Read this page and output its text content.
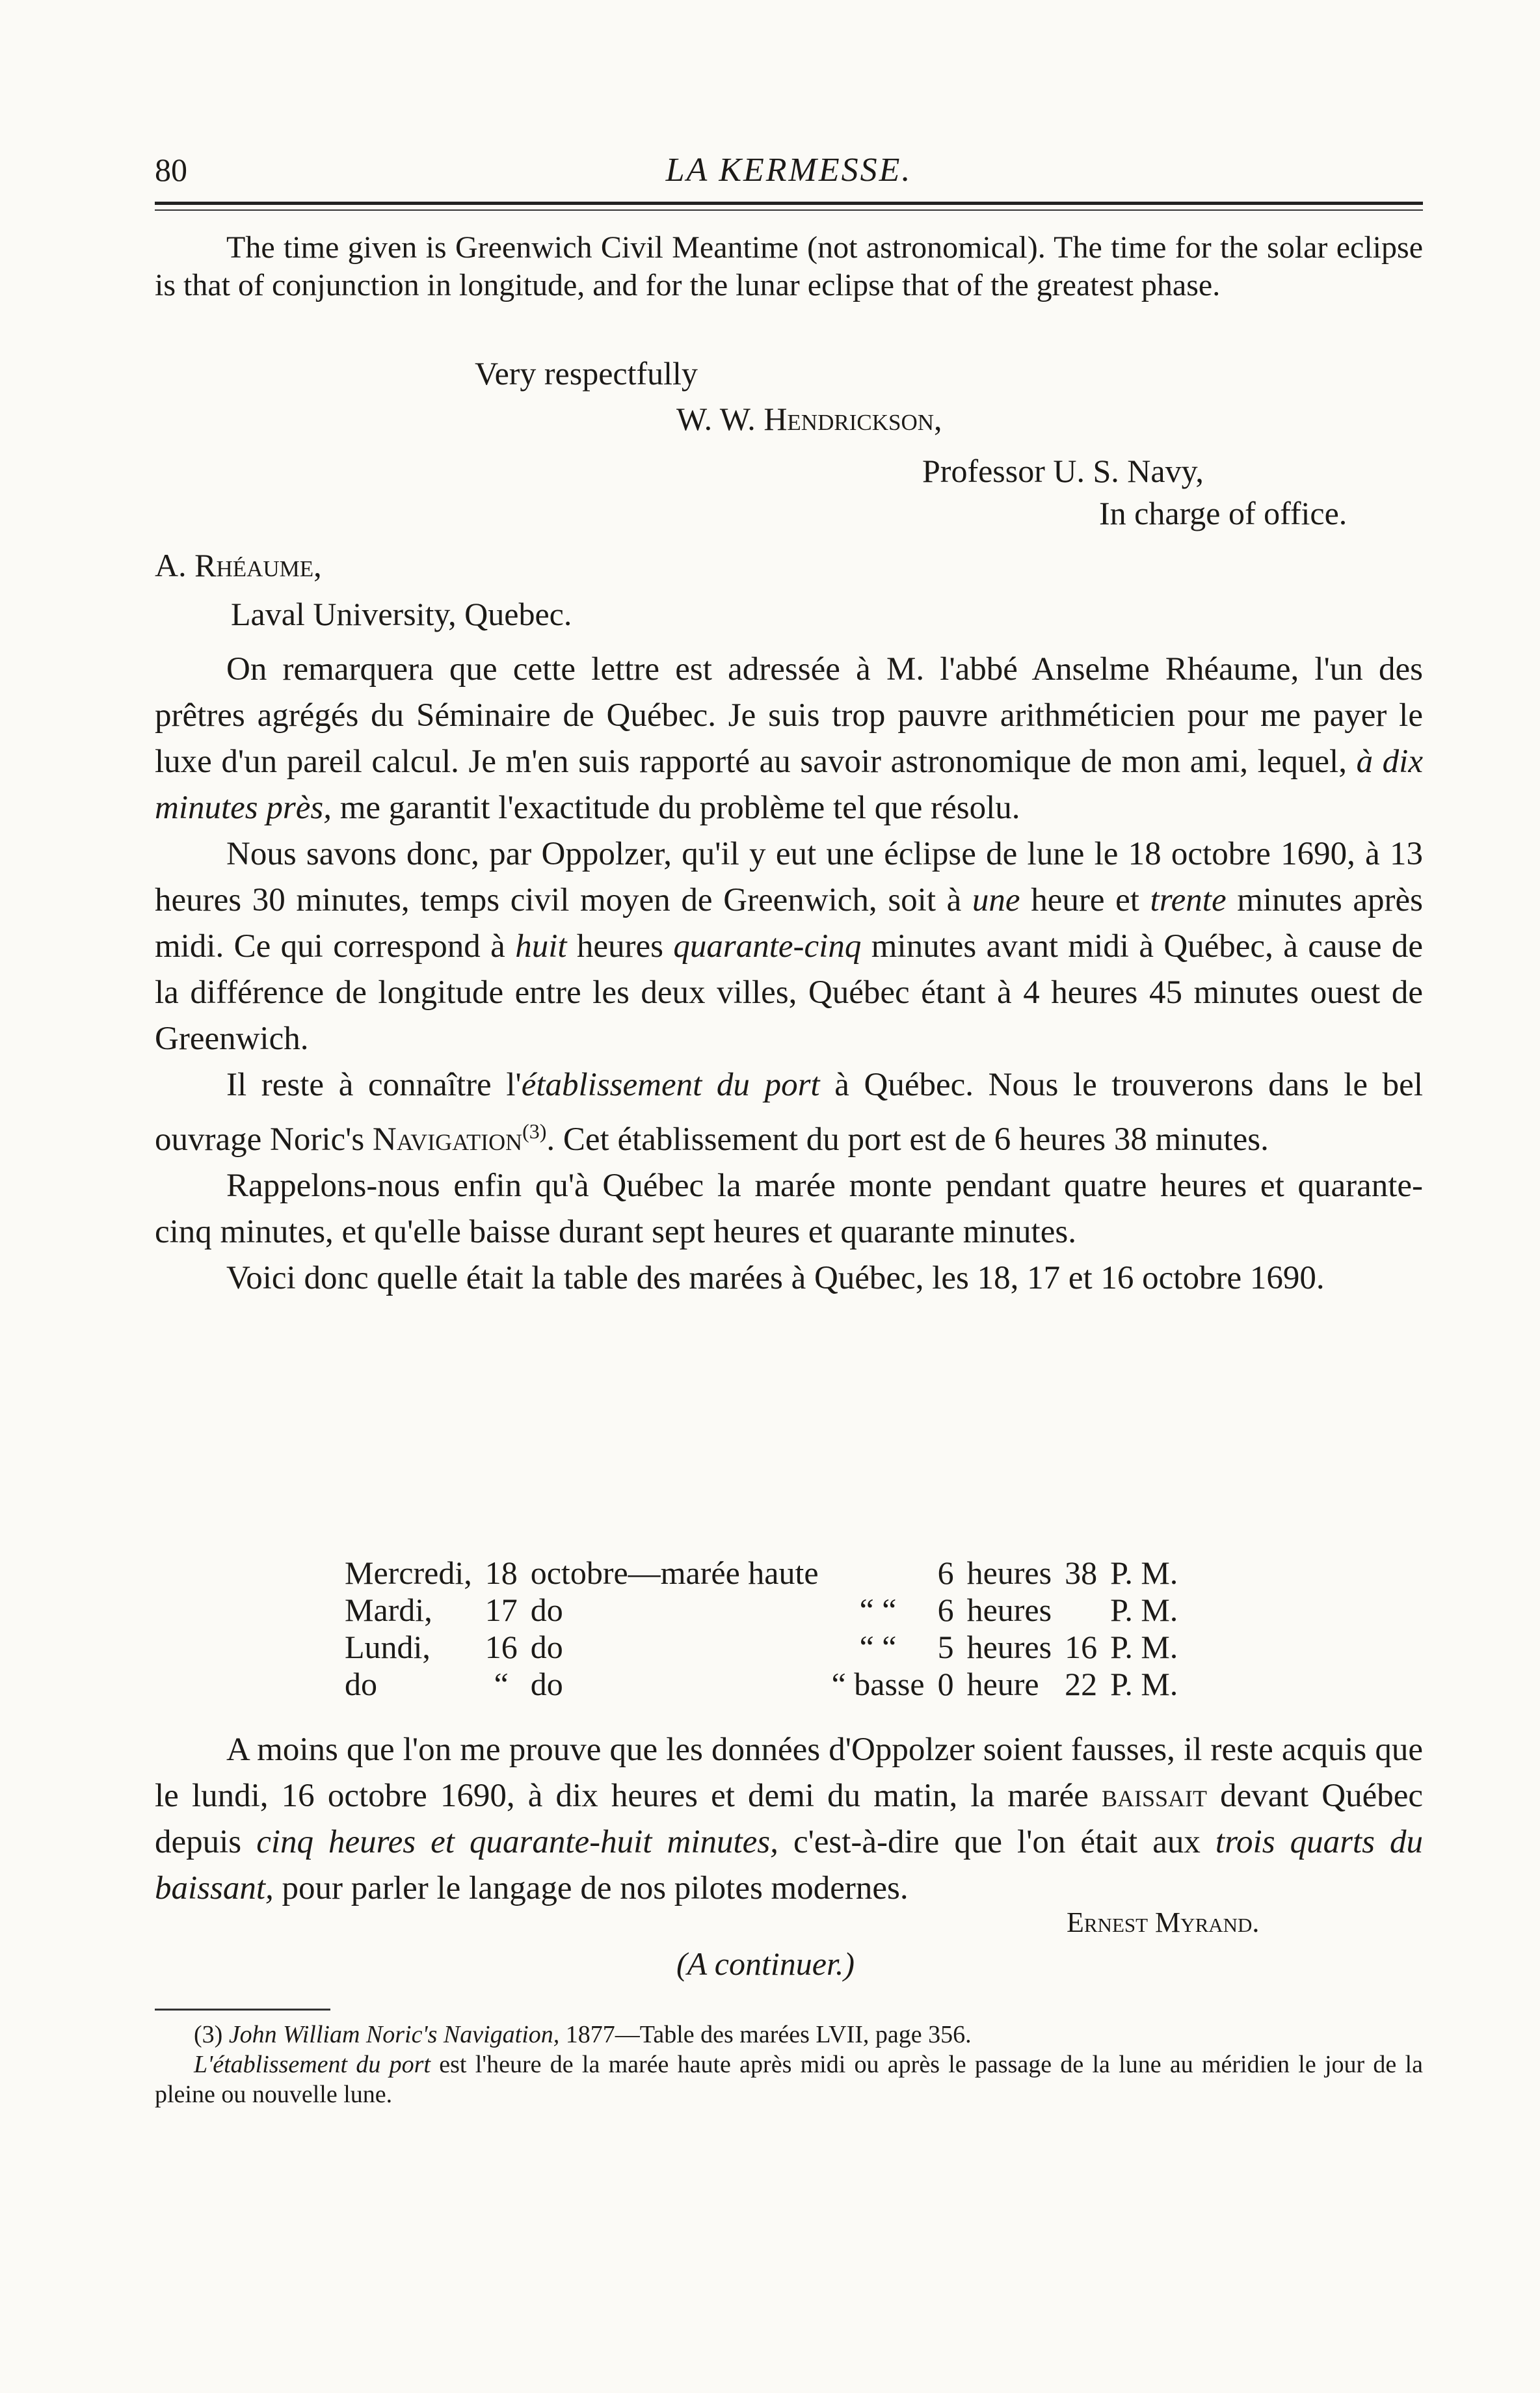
80	LA KERMESSE.
The time given is Greenwich Civil Meantime (not astronomical). The time for the solar eclipse is that of conjunction in longitude, and for the lunar eclipse that of the greatest phase.
Very respectfully
W. W. Hendrickson,
Professor U. S. Navy,
In charge of office.
A. Rhéaume,
Laval University, Quebec.

On remarquera que cette lettre est adressée à M. l'abbé Anselme Rhéaume, l'un des prêtres agrégés du Séminaire de Québec. Je suis trop pauvre arithméticien pour me payer le luxe d'un pareil calcul. Je m'en suis rapporté au savoir astronomique de mon ami, lequel, à dix minutes près, me garantit l'exactitude du problème tel que résolu.

Nous savons donc, par Oppolzer, qu'il y eut une éclipse de lune le 18 octobre 1690, à 13 heures 30 minutes, temps civil moyen de Greenwich, soit à une heure et trente minutes après midi. Ce qui correspond à huit heures quarante-cinq minutes avant midi à Québec, à cause de la différence de longitude entre les deux villes, Québec étant à 4 heures 45 minutes ouest de Greenwich.

Il reste à connaître l'établissement du port à Québec. Nous le trouverons dans le bel ouvrage Noric's Navigation$^{(3)}$. Cet établissement du port est de 6 heures 38 minutes.

Rappelons-nous enfin qu'à Québec la marée monte pendant quatre heures et quarante-cinq minutes, et qu'elle baisse durant sept heures et quarante minutes.

Voici donc quelle était la table des marées à Québec, les 18, 17 et 16 octobre 1690.

Mercredi,	18	octobre—marée haute		6	heures	38	P. M.
Mardi,	17	do	“ “	6	heures		P. M.
Lundi,	16	do	“ “	5	heures	16	P. M.
do	“	do	“ basse	0	heure	22	P. M.

A moins que l'on me prouve que les données d'Oppolzer soient fausses, il reste acquis que le lundi, 16 octobre 1690, à dix heures et demi du matin, la marée baissait devant Québec depuis cinq heures et quarante-huit minutes, c'est-à-dire que l'on était aux trois quarts du baissant, pour parler le langage de nos pilotes modernes.

Ernest Myrand.
(A continuer.)

(3) John William Noric's Navigation, 1877—Table des marées LVII, page 356.

L'établissement du port est l'heure de la marée haute après midi ou après le passage de la lune au méridien le jour de la pleine ou nouvelle lune.
